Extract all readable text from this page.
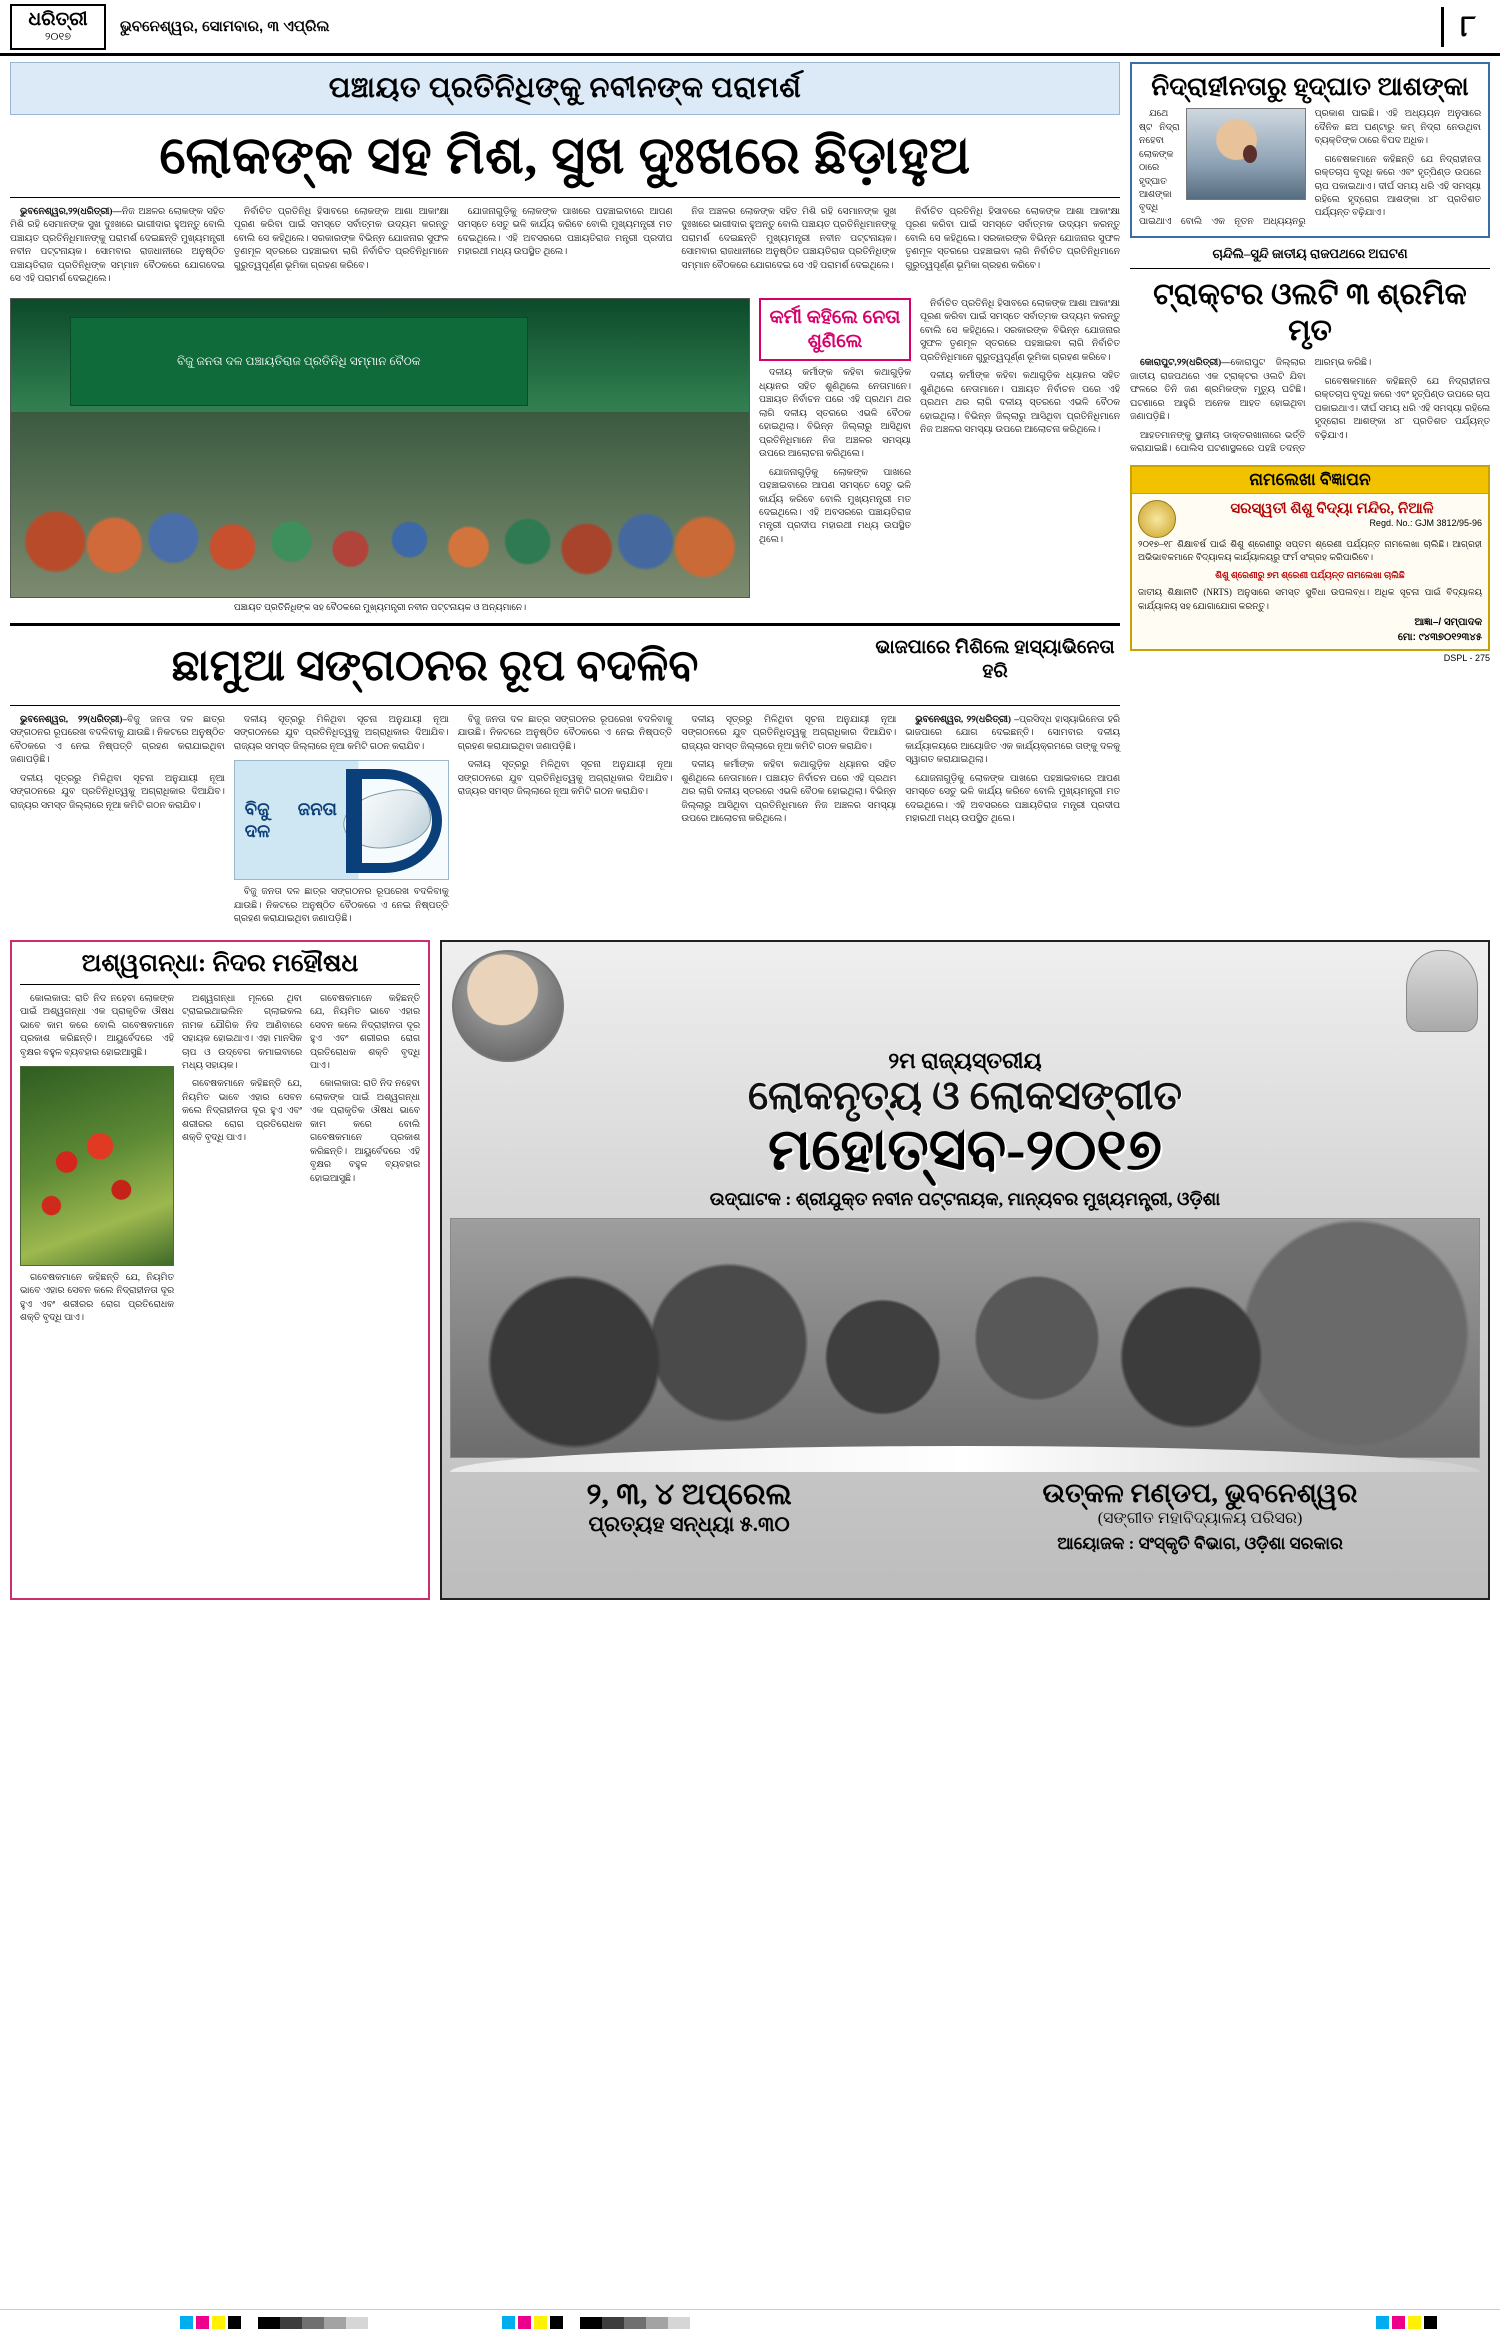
ଧରିତ୍ରୀ
୨୦୧୭
ଭୁବନେଶ୍ୱର, ସୋମବାର, ୩ ଏପ୍ରିଲ	୮
ପଞ୍ଚାୟତ ପ୍ରତିନିଧିଙ୍କୁ ନବୀନଙ୍କ ପରାମର୍ଶ
ଲୋକଙ୍କ ସହ ମିଶ, ସୁଖ ଦୁଃଖରେ ଛିଡ଼ାହୁଅ

ଭୁବନେଶ୍ୱର,୨୨(ଧରିତ୍ରୀ)—ନିଜ ଅଞ୍ଚଳର ଲୋକଙ୍କ ସହିତ ମିଶି ରହି ସେମାନଙ୍କ ସୁଖ ଦୁଃଖରେ ଭାଗୀଦାର ହୁଅନ୍ତୁ ବୋଲି ପଞ୍ଚାୟତ ପ୍ରତିନିଧିମାନଙ୍କୁ ପରାମର୍ଶ ଦେଇଛନ୍ତି ମୁଖ୍ୟମନ୍ତ୍ରୀ ନବୀନ ପଟ୍ଟନାୟକ। ସୋମବାର ରାଜଧାନୀରେ ଅନୁଷ୍ଠିତ ପଞ୍ଚାୟତିରାଜ ପ୍ରତିନିଧିଙ୍କ ସମ୍ମାନ ବୈଠକରେ ଯୋଗଦେଇ ସେ ଏହି ପରାମର୍ଶ ଦେଇଥିଲେ।

ନିର୍ବାଚିତ ପ୍ରତିନିଧି ହିସାବରେ ଲୋକଙ୍କ ଆଶା ଆକାଂକ୍ଷା ପୂରଣ କରିବା ପାଇଁ ସମସ୍ତେ ସର୍ବାତ୍ମକ ଉଦ୍ୟମ କରନ୍ତୁ ବୋଲି ସେ କହିଥିଲେ। ସରକାରଙ୍କ ବିଭିନ୍ନ ଯୋଜନାର ସୁଫଳ ତୃଣମୂଳ ସ୍ତରରେ ପହଞ୍ଚାଇବା ଲାଗି ନିର୍ବାଚିତ ପ୍ରତିନିଧିମାନେ ଗୁରୁତ୍ୱପୂର୍ଣ୍ଣ ଭୂମିକା ଗ୍ରହଣ କରିବେ।

ଯୋଜନାଗୁଡ଼ିକୁ ଲୋକଙ୍କ ପାଖରେ ପହଞ୍ଚାଇବାରେ ଆପଣ ସମସ୍ତେ ସେତୁ ଭଳି କାର୍ଯ୍ୟ କରିବେ ବୋଲି ମୁଖ୍ୟମନ୍ତ୍ରୀ ମତ ଦେଇଥିଲେ। ଏହି ଅବସରରେ ପଞ୍ଚାୟତିରାଜ ମନ୍ତ୍ରୀ ପ୍ରଦୀପ ମହାରଥୀ ମଧ୍ୟ ଉପସ୍ଥିତ ଥିଲେ।

ନିଜ ଅଞ୍ଚଳର ଲୋକଙ୍କ ସହିତ ମିଶି ରହି ସେମାନଙ୍କ ସୁଖ ଦୁଃଖରେ ଭାଗୀଦାର ହୁଅନ୍ତୁ ବୋଲି ପଞ୍ଚାୟତ ପ୍ରତିନିଧିମାନଙ୍କୁ ପରାମର୍ଶ ଦେଇଛନ୍ତି ମୁଖ୍ୟମନ୍ତ୍ରୀ ନବୀନ ପଟ୍ଟନାୟକ। ସୋମବାର ରାଜଧାନୀରେ ଅନୁଷ୍ଠିତ ପଞ୍ଚାୟତିରାଜ ପ୍ରତିନିଧିଙ୍କ ସମ୍ମାନ ବୈଠକରେ ଯୋଗଦେଇ ସେ ଏହି ପରାମର୍ଶ ଦେଇଥିଲେ।

ନିର୍ବାଚିତ ପ୍ରତିନିଧି ହିସାବରେ ଲୋକଙ୍କ ଆଶା ଆକାଂକ୍ଷା ପୂରଣ କରିବା ପାଇଁ ସମସ୍ତେ ସର୍ବାତ୍ମକ ଉଦ୍ୟମ କରନ୍ତୁ ବୋଲି ସେ କହିଥିଲେ। ସରକାରଙ୍କ ବିଭିନ୍ନ ଯୋଜନାର ସୁଫଳ ତୃଣମୂଳ ସ୍ତରରେ ପହଞ୍ଚାଇବା ଲାଗି ନିର୍ବାଚିତ ପ୍ରତିନିଧିମାନେ ଗୁରୁତ୍ୱପୂର୍ଣ୍ଣ ଭୂମିକା ଗ୍ରହଣ କରିବେ।

ବିଜୁ ଜନତା ଦଳ ପଞ୍ଚାୟତିରାଜ ପ୍ରତିନିଧି ସମ୍ମାନ ବୈଠକ
ପଞ୍ଚାୟତ ପ୍ରତିନିଧିଙ୍କ ସହ ବୈଠକରେ ମୁଖ୍ୟମନ୍ତ୍ରୀ ନବୀନ ପଟ୍ଟନାୟକ ଓ ଅନ୍ୟମାନେ।
କର୍ମୀ କହିଲେ ନେତା ଶୁଣିଲେ

ଦଳୀୟ କର୍ମୀଙ୍କ କହିବା କଥାଗୁଡ଼ିକ ଧ୍ୟାନର ସହିତ ଶୁଣିଥିଲେ ନେତାମାନେ। ପଞ୍ଚାୟତ ନିର୍ବାଚନ ପରେ ଏହି ପ୍ରଥମ ଥର ଲାଗି ଦଳୀୟ ସ୍ତରରେ ଏଭଳି ବୈଠକ ହୋଇଥିଲା। ବିଭିନ୍ନ ଜିଲ୍ଲାରୁ ଆସିଥିବା ପ୍ରତିନିଧିମାନେ ନିଜ ଅଞ୍ଚଳର ସମସ୍ୟା ଉପରେ ଆଲୋଚନା କରିଥିଲେ।

ଯୋଜନାଗୁଡ଼ିକୁ ଲୋକଙ୍କ ପାଖରେ ପହଞ୍ଚାଇବାରେ ଆପଣ ସମସ୍ତେ ସେତୁ ଭଳି କାର୍ଯ୍ୟ କରିବେ ବୋଲି ମୁଖ୍ୟମନ୍ତ୍ରୀ ମତ ଦେଇଥିଲେ। ଏହି ଅବସରରେ ପଞ୍ଚାୟତିରାଜ ମନ୍ତ୍ରୀ ପ୍ରଦୀପ ମହାରଥୀ ମଧ୍ୟ ଉପସ୍ଥିତ ଥିଲେ।

ନିର୍ବାଚିତ ପ୍ରତିନିଧି ହିସାବରେ ଲୋକଙ୍କ ଆଶା ଆକାଂକ୍ଷା ପୂରଣ କରିବା ପାଇଁ ସମସ୍ତେ ସର୍ବାତ୍ମକ ଉଦ୍ୟମ କରନ୍ତୁ ବୋଲି ସେ କହିଥିଲେ। ସରକାରଙ୍କ ବିଭିନ୍ନ ଯୋଜନାର ସୁଫଳ ତୃଣମୂଳ ସ୍ତରରେ ପହଞ୍ଚାଇବା ଲାଗି ନିର୍ବାଚିତ ପ୍ରତିନିଧିମାନେ ଗୁରୁତ୍ୱପୂର୍ଣ୍ଣ ଭୂମିକା ଗ୍ରହଣ କରିବେ।

ଦଳୀୟ କର୍ମୀଙ୍କ କହିବା କଥାଗୁଡ଼ିକ ଧ୍ୟାନର ସହିତ ଶୁଣିଥିଲେ ନେତାମାନେ। ପଞ୍ଚାୟତ ନିର୍ବାଚନ ପରେ ଏହି ପ୍ରଥମ ଥର ଲାଗି ଦଳୀୟ ସ୍ତରରେ ଏଭଳି ବୈଠକ ହୋଇଥିଲା। ବିଭିନ୍ନ ଜିଲ୍ଲାରୁ ଆସିଥିବା ପ୍ରତିନିଧିମାନେ ନିଜ ଅଞ୍ଚଳର ସମସ୍ୟା ଉପରେ ଆଲୋଚନା କରିଥିଲେ।

ଛାମୁଆ ସଙ୍ଗଠନର ରୂପ ବଦଳିବ	ଭାଜପାରେ ମିଶିଲେ ହାସ୍ୟାଭିନେତା ହରି

ଭୁବନେଶ୍ୱର, ୨୨(ଧରିତ୍ରୀ)–ବିଜୁ ଜନତା ଦଳ ଛାତ୍ର ସଙ୍ଗଠନର ରୂପରେଖ ବଦଳିବାକୁ ଯାଉଛି। ନିକଟରେ ଅନୁଷ୍ଠିତ ବୈଠକରେ ଏ ନେଇ ନିଷ୍ପତ୍ତି ଗ୍ରହଣ କରାଯାଇଥିବା ଜଣାପଡ଼ିଛି।

ଦଳୀୟ ସୂତ୍ରରୁ ମିଳିଥିବା ସୂଚନା ଅନୁଯାୟୀ ନୂଆ ସଙ୍ଗଠନରେ ଯୁବ ପ୍ରତିନିଧିତ୍ୱକୁ ଅଗ୍ରାଧିକାର ଦିଆଯିବ। ରାଜ୍ୟର ସମସ୍ତ ଜିଲ୍ଲାରେ ନୂଆ କମିଟି ଗଠନ କରାଯିବ।

ଦଳୀୟ ସୂତ୍ରରୁ ମିଳିଥିବା ସୂଚନା ଅନୁଯାୟୀ ନୂଆ ସଙ୍ଗଠନରେ ଯୁବ ପ୍ରତିନିଧିତ୍ୱକୁ ଅଗ୍ରାଧିକାର ଦିଆଯିବ। ରାଜ୍ୟର ସମସ୍ତ ଜିଲ୍ଲାରେ ନୂଆ କମିଟି ଗଠନ କରାଯିବ।

ବିଜୁ ଜନତା ଦଳ

ବିଜୁ ଜନତା ଦଳ ଛାତ୍ର ସଙ୍ଗଠନର ରୂପରେଖ ବଦଳିବାକୁ ଯାଉଛି। ନିକଟରେ ଅନୁଷ୍ଠିତ ବୈଠକରେ ଏ ନେଇ ନିଷ୍ପତ୍ତି ଗ୍ରହଣ କରାଯାଇଥିବା ଜଣାପଡ଼ିଛି।

ବିଜୁ ଜନତା ଦଳ ଛାତ୍ର ସଙ୍ଗଠନର ରୂପରେଖ ବଦଳିବାକୁ ଯାଉଛି। ନିକଟରେ ଅନୁଷ୍ଠିତ ବୈଠକରେ ଏ ନେଇ ନିଷ୍ପତ୍ତି ଗ୍ରହଣ କରାଯାଇଥିବା ଜଣାପଡ଼ିଛି।

ଦଳୀୟ ସୂତ୍ରରୁ ମିଳିଥିବା ସୂଚନା ଅନୁଯାୟୀ ନୂଆ ସଙ୍ଗଠନରେ ଯୁବ ପ୍ରତିନିଧିତ୍ୱକୁ ଅଗ୍ରାଧିକାର ଦିଆଯିବ। ରାଜ୍ୟର ସମସ୍ତ ଜିଲ୍ଲାରେ ନୂଆ କମିଟି ଗଠନ କରାଯିବ।

ଦଳୀୟ ସୂତ୍ରରୁ ମିଳିଥିବା ସୂଚନା ଅନୁଯାୟୀ ନୂଆ ସଙ୍ଗଠନରେ ଯୁବ ପ୍ରତିନିଧିତ୍ୱକୁ ଅଗ୍ରାଧିକାର ଦିଆଯିବ। ରାଜ୍ୟର ସମସ୍ତ ଜିଲ୍ଲାରେ ନୂଆ କମିଟି ଗଠନ କରାଯିବ।

ଦଳୀୟ କର୍ମୀଙ୍କ କହିବା କଥାଗୁଡ଼ିକ ଧ୍ୟାନର ସହିତ ଶୁଣିଥିଲେ ନେତାମାନେ। ପଞ୍ଚାୟତ ନିର୍ବାଚନ ପରେ ଏହି ପ୍ରଥମ ଥର ଲାଗି ଦଳୀୟ ସ୍ତରରେ ଏଭଳି ବୈଠକ ହୋଇଥିଲା। ବିଭିନ୍ନ ଜିଲ୍ଲାରୁ ଆସିଥିବା ପ୍ରତିନିଧିମାନେ ନିଜ ଅଞ୍ଚଳର ସମସ୍ୟା ଉପରେ ଆଲୋଚନା କରିଥିଲେ।

ଭୁବନେଶ୍ୱର, ୨୨(ଧରିତ୍ରୀ) –ପ୍ରସିଦ୍ଧ ହାସ୍ୟାଭିନେତା ହରି ଭାଜପାରେ ଯୋଗ ଦେଇଛନ୍ତି। ସୋମବାର ଦଳୀୟ କାର୍ଯ୍ୟାଳୟରେ ଆୟୋଜିତ ଏକ କାର୍ଯ୍ୟକ୍ରମରେ ତାଙ୍କୁ ଦଳକୁ ସ୍ୱାଗତ କରାଯାଇଥିଲା।

ଯୋଜନାଗୁଡ଼ିକୁ ଲୋକଙ୍କ ପାଖରେ ପହଞ୍ଚାଇବାରେ ଆପଣ ସମସ୍ତେ ସେତୁ ଭଳି କାର୍ଯ୍ୟ କରିବେ ବୋଲି ମୁଖ୍ୟମନ୍ତ୍ରୀ ମତ ଦେଇଥିଲେ। ଏହି ଅବସରରେ ପଞ୍ଚାୟତିରାଜ ମନ୍ତ୍ରୀ ପ୍ରଦୀପ ମହାରଥୀ ମଧ୍ୟ ଉପସ୍ଥିତ ଥିଲେ।

ନିଦ୍ରାହୀନତାରୁ ହୃଦ୍‌ଘାତ ଆଶଙ୍କା

ଯଥେଷ୍ଟ ନିଦ୍ରା ନହେବା ଲୋକଙ୍କ ଠାରେ ହୃଦ୍‌ଘାତ ଆଶଙ୍କା ବୃଦ୍ଧି ପାଇଥାଏ ବୋଲି ଏକ ନୂତନ ଅଧ୍ୟୟନରୁ ପ୍ରକାଶ ପାଇଛି। ଏହି ଅଧ୍ୟୟନ ଅନୁସାରେ ଦୈନିକ ଛଅ ଘଣ୍ଟାରୁ କମ୍ ନିଦ୍ରା ନେଉଥିବା ବ୍ୟକ୍ତିଙ୍କ ଠାରେ ବିପଦ ଅଧିକ।

ଗବେଷକମାନେ କହିଛନ୍ତି ଯେ ନିଦ୍ରାହୀନତା ରକ୍ତଚାପ ବୃଦ୍ଧି କରେ ଏବଂ ହୃତ୍‌ପିଣ୍ଡ ଉପରେ ଚାପ ପକାଇଥାଏ। ଦୀର୍ଘ ସମୟ ଧରି ଏହି ସମସ୍ୟା ରହିଲେ ହୃଦ୍‌ରୋଗ ଆଶଙ୍କା ୪୮ ପ୍ରତିଶତ ପର୍ଯ୍ୟନ୍ତ ବଢ଼ିଯାଏ।

ଚାନ୍ଦିଲି–ସୁନ୍ଦି ଜାତୀୟ ରାଜପଥରେ ଅଘଟଣ
ଟ୍ରାକ୍ଟର ଓଲଟି ୩ ଶ୍ରମିକ ମୃତ

କୋରାପୁଟ,୨୨(ଧରିତ୍ରୀ)—କୋରାପୁଟ ଜିଲ୍ଲାର ଜାତୀୟ ରାଜପଥରେ ଏକ ଟ୍ରାକ୍ଟର ଓଲଟି ଯିବା ଫଳରେ ତିନି ଜଣ ଶ୍ରମିକଙ୍କ ମୃତ୍ୟୁ ଘଟିଛି। ଘଟଣାରେ ଆହୁରି ଅନେକ ଆହତ ହୋଇଥିବା ଜଣାପଡ଼ିଛି।

ଆହତମାନଙ୍କୁ ସ୍ଥାନୀୟ ଡାକ୍ତରଖାନାରେ ଭର୍ତ୍ତି କରାଯାଇଛି। ପୋଲିସ ଘଟଣାସ୍ଥଳରେ ପହଞ୍ଚି ତଦନ୍ତ ଆରମ୍ଭ କରିଛି।

ଗବେଷକମାନେ କହିଛନ୍ତି ଯେ ନିଦ୍ରାହୀନତା ରକ୍ତଚାପ ବୃଦ୍ଧି କରେ ଏବଂ ହୃତ୍‌ପିଣ୍ଡ ଉପରେ ଚାପ ପକାଇଥାଏ। ଦୀର୍ଘ ସମୟ ଧରି ଏହି ସମସ୍ୟା ରହିଲେ ହୃଦ୍‌ରୋଗ ଆଶଙ୍କା ୪୮ ପ୍ରତିଶତ ପର୍ଯ୍ୟନ୍ତ ବଢ଼ିଯାଏ।

ନାମଲେଖା ବିଜ୍ଞାପନ
ସରସ୍ୱତୀ ଶିଶୁ ବିଦ୍ୟା ମନ୍ଦିର, ନିଆଳି
Regd. No.: GJM 3812/95-96
୨୦୧୭–୧୮ ଶିକ୍ଷାବର୍ଷ ପାଇଁ ଶିଶୁ ଶ୍ରେଣୀରୁ ସପ୍ତମ ଶ୍ରେଣୀ ପର୍ଯ୍ୟନ୍ତ ନାମଲେଖା ଚାଲିଛି। ଆଗ୍ରହୀ ଅଭିଭାବକମାନେ ବିଦ୍ୟାଳୟ କାର୍ଯ୍ୟାଳୟରୁ ଫର୍ମ ସଂଗ୍ରହ କରିପାରିବେ।
ଶିଶୁ ଶ୍ରେଣୀରୁ ୭ମ ଶ୍ରେଣୀ ପର୍ଯ୍ୟନ୍ତ ନାମଲେଖା ଚାଲିଛି
ଜାତୀୟ ଶିକ୍ଷାନୀତି (NRTS) ଅନୁସାରେ ସମସ୍ତ ସୁବିଧା ଉପଲବ୍ଧ। ଅଧିକ ସୂଚନା ପାଇଁ ବିଦ୍ୟାଳୟ କାର୍ଯ୍ୟାଳୟ ସହ ଯୋଗାଯୋଗ କରନ୍ତୁ।
ଆଜ୍ଞା–/ ସମ୍ପାଦକ
ମୋ: ୯୪୩୭୦୧୨୩୪୫
DSPL - 275
ଅଶ୍ୱଗନ୍ଧା: ନିଦର ମହୌଷଧ

କୋଲକାତା: ରାତି ନିଦ ନହେବା ଲୋକଙ୍କ ପାଇଁ ଅଶ୍ୱଗନ୍ଧା ଏକ ପ୍ରାକୃତିକ ଔଷଧ ଭାବେ କାମ କରେ ବୋଲି ଗବେଷକମାନେ ପ୍ରକାଶ କରିଛନ୍ତି। ଆୟୁର୍ବେଦରେ ଏହି ବୃକ୍ଷର ବହୁଳ ବ୍ୟବହାର ହୋଇଆସୁଛି।

ଗବେଷକମାନେ କହିଛନ୍ତି ଯେ, ନିୟମିତ ଭାବେ ଏହାର ସେବନ କଲେ ନିଦ୍ରାହୀନତା ଦୂର ହୁଏ ଏବଂ ଶରୀରର ରୋଗ ପ୍ରତିରୋଧକ ଶକ୍ତି ବୃଦ୍ଧି ପାଏ।

ଅଶ୍ୱଗନ୍ଧା ମୂଳରେ ଥିବା ଟ୍ରାଇଇଥାଇଲିନ ଗ୍ଲାଇକଲ ନାମକ ଯୌଗିକ ନିଦ ଆଣିବାରେ ସହାୟକ ହୋଇଥାଏ। ଏହା ମାନସିକ ଚାପ ଓ ଉଦ୍‌ବେଗ କମାଇବାରେ ମଧ୍ୟ ସହାୟକ।

ଗବେଷକମାନେ କହିଛନ୍ତି ଯେ, ନିୟମିତ ଭାବେ ଏହାର ସେବନ କଲେ ନିଦ୍ରାହୀନତା ଦୂର ହୁଏ ଏବଂ ଶରୀରର ରୋଗ ପ୍ରତିରୋଧକ ଶକ୍ତି ବୃଦ୍ଧି ପାଏ।

ଗବେଷକମାନେ କହିଛନ୍ତି ଯେ, ନିୟମିତ ଭାବେ ଏହାର ସେବନ କଲେ ନିଦ୍ରାହୀନତା ଦୂର ହୁଏ ଏବଂ ଶରୀରର ରୋଗ ପ୍ରତିରୋଧକ ଶକ୍ତି ବୃଦ୍ଧି ପାଏ।

କୋଲକାତା: ରାତି ନିଦ ନହେବା ଲୋକଙ୍କ ପାଇଁ ଅଶ୍ୱଗନ୍ଧା ଏକ ପ୍ରାକୃତିକ ଔଷଧ ଭାବେ କାମ କରେ ବୋଲି ଗବେଷକମାନେ ପ୍ରକାଶ କରିଛନ୍ତି। ଆୟୁର୍ବେଦରେ ଏହି ବୃକ୍ଷର ବହୁଳ ବ୍ୟବହାର ହୋଇଆସୁଛି।

୨ମ ରାଜ୍ୟସ୍ତରୀୟ
ଲୋକନୃତ୍ୟ ଓ ଲୋକସଙ୍ଗୀତ
ମହୋତ୍ସବ-୨୦୧୭
ଉଦ୍‌ଘାଟକ : ଶ୍ରୀଯୁକ୍ତ ନବୀନ ପଟ୍ଟନାୟକ, ମାନ୍ୟବର ମୁଖ୍ୟମନ୍ତ୍ରୀ, ଓଡ଼ିଶା
୨, ୩, ୪ ଅପ୍ରେଲ
ପ୍ରତ୍ୟହ ସନ୍ଧ୍ୟା ୫.୩୦
ଉତ୍କଳ ମଣ୍ଡପ, ଭୁବନେଶ୍ୱର
(ସଙ୍ଗୀତ ମହାବିଦ୍ୟାଳୟ ପରିସର)
ଆୟୋଜକ : ସଂସ୍କୃତି ବିଭାଗ, ଓଡ଼ିଶା ସରକାର
